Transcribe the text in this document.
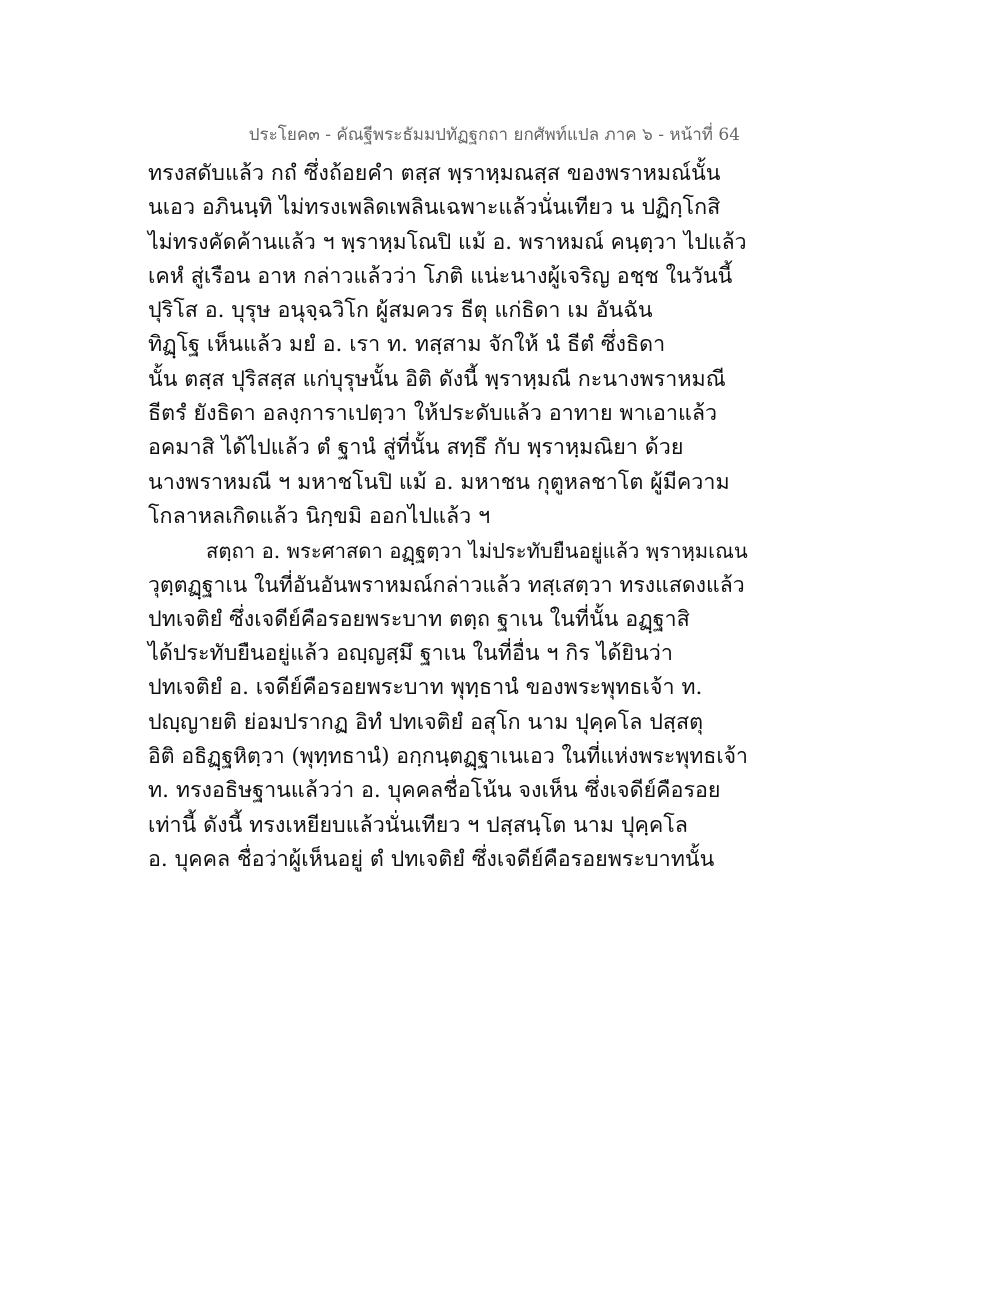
ประโยค๓ - คัณฐีพระธัมมปทัฏฐกถา ยกศัพท์แปล ภาค ๖ - หน้าที่ 64
ทรงสดับแล้ว กถํ ซึ่งถ้อยคำ ตสฺส พฺราหฺมณสฺส ของพราหมณ์นั้น
นเอว อภินนฺทิ ไม่ทรงเพลิดเพลินเฉพาะแล้วนั่นเทียว น ปฏิกฺโกสิ
ไม่ทรงคัดค้านแล้ว ฯ พฺราหฺมโณปิ แม้ อ. พราหมณ์ คนฺตฺวา ไปแล้ว
เคหํ สู่เรือน อาห กล่าวแล้วว่า โภติ แน่ะนางผู้เจริญ อชฺช ในวันนี้
ปุริโส อ. บุรุษ อนุจฺฉวิโก ผู้สมควร ธีตุ แก่ธิดา เม อันฉัน
ทิฏฺโฐ เห็นแล้ว มยํ อ. เรา ท. ทสฺสาม จักให้ นํ ธีตํ ซึ่งธิดา
นั้น ตสฺส ปุริสสฺส แก่บุรุษนั้น อิติ ดังนี้ พฺราหฺมณี กะนางพราหมณี
ธีตรํ ยังธิดา อลงฺการาเปตฺวา ให้ประดับแล้ว อาทาย พาเอาแล้ว
อคมาสิ ได้ไปแล้ว ตํ ฐานํ สู่ที่นั้น สทฺธึ กับ พฺราหฺมณิยา ด้วย
นางพราหมณี ฯ มหาชโนปิ แม้ อ. มหาชน กุตูหลชาโต ผู้มีความ
โกลาหลเกิดแล้ว นิกฺขมิ ออกไปแล้ว ฯ
สตฺถา อ. พระศาสดา อฏฺฐตฺวา ไม่ประทับยืนอยู่แล้ว พฺราหฺมเณน
วุตฺตฏฺฐาเน ในที่อันอันพราหมณ์กล่าวแล้ว ทสฺเสตฺวา ทรงแสดงแล้ว
ปทเจติยํ ซึ่งเจดีย์คือรอยพระบาท ตตฺถ ฐาเน ในที่นั้น อฏฺฐาสิ
ได้ประทับยืนอยู่แล้ว อญฺญสฺมึ ฐาเน ในที่อื่น ฯ กิร ได้ยินว่า
ปทเจติยํ อ. เจดีย์คือรอยพระบาท พุทฺธานํ ของพระพุทธเจ้า ท.
ปญฺญายติ ย่อมปรากฏ อิทํ ปทเจติยํ อสุโก นาม ปุคฺคโล ปสฺสตุ
อิติ อธิฏฺฐหิตฺวา (พุทฺทธานํ) อกฺกนฺตฏฺฐาเนเอว ในที่แห่งพระพุทธเจ้า
ท. ทรงอธิษฐานแล้วว่า อ. บุคคลชื่อโน้น จงเห็น ซึ่งเจดีย์คือรอย
เท่านี้ ดังนี้ ทรงเหยียบแล้วนั่นเทียว ฯ ปสฺสนฺโต นาม ปุคฺคโล
อ. บุคคล ชื่อว่าผู้เห็นอยู่ ตํ ปทเจติยํ ซึ่งเจดีย์คือรอยพระบาทนั้น
